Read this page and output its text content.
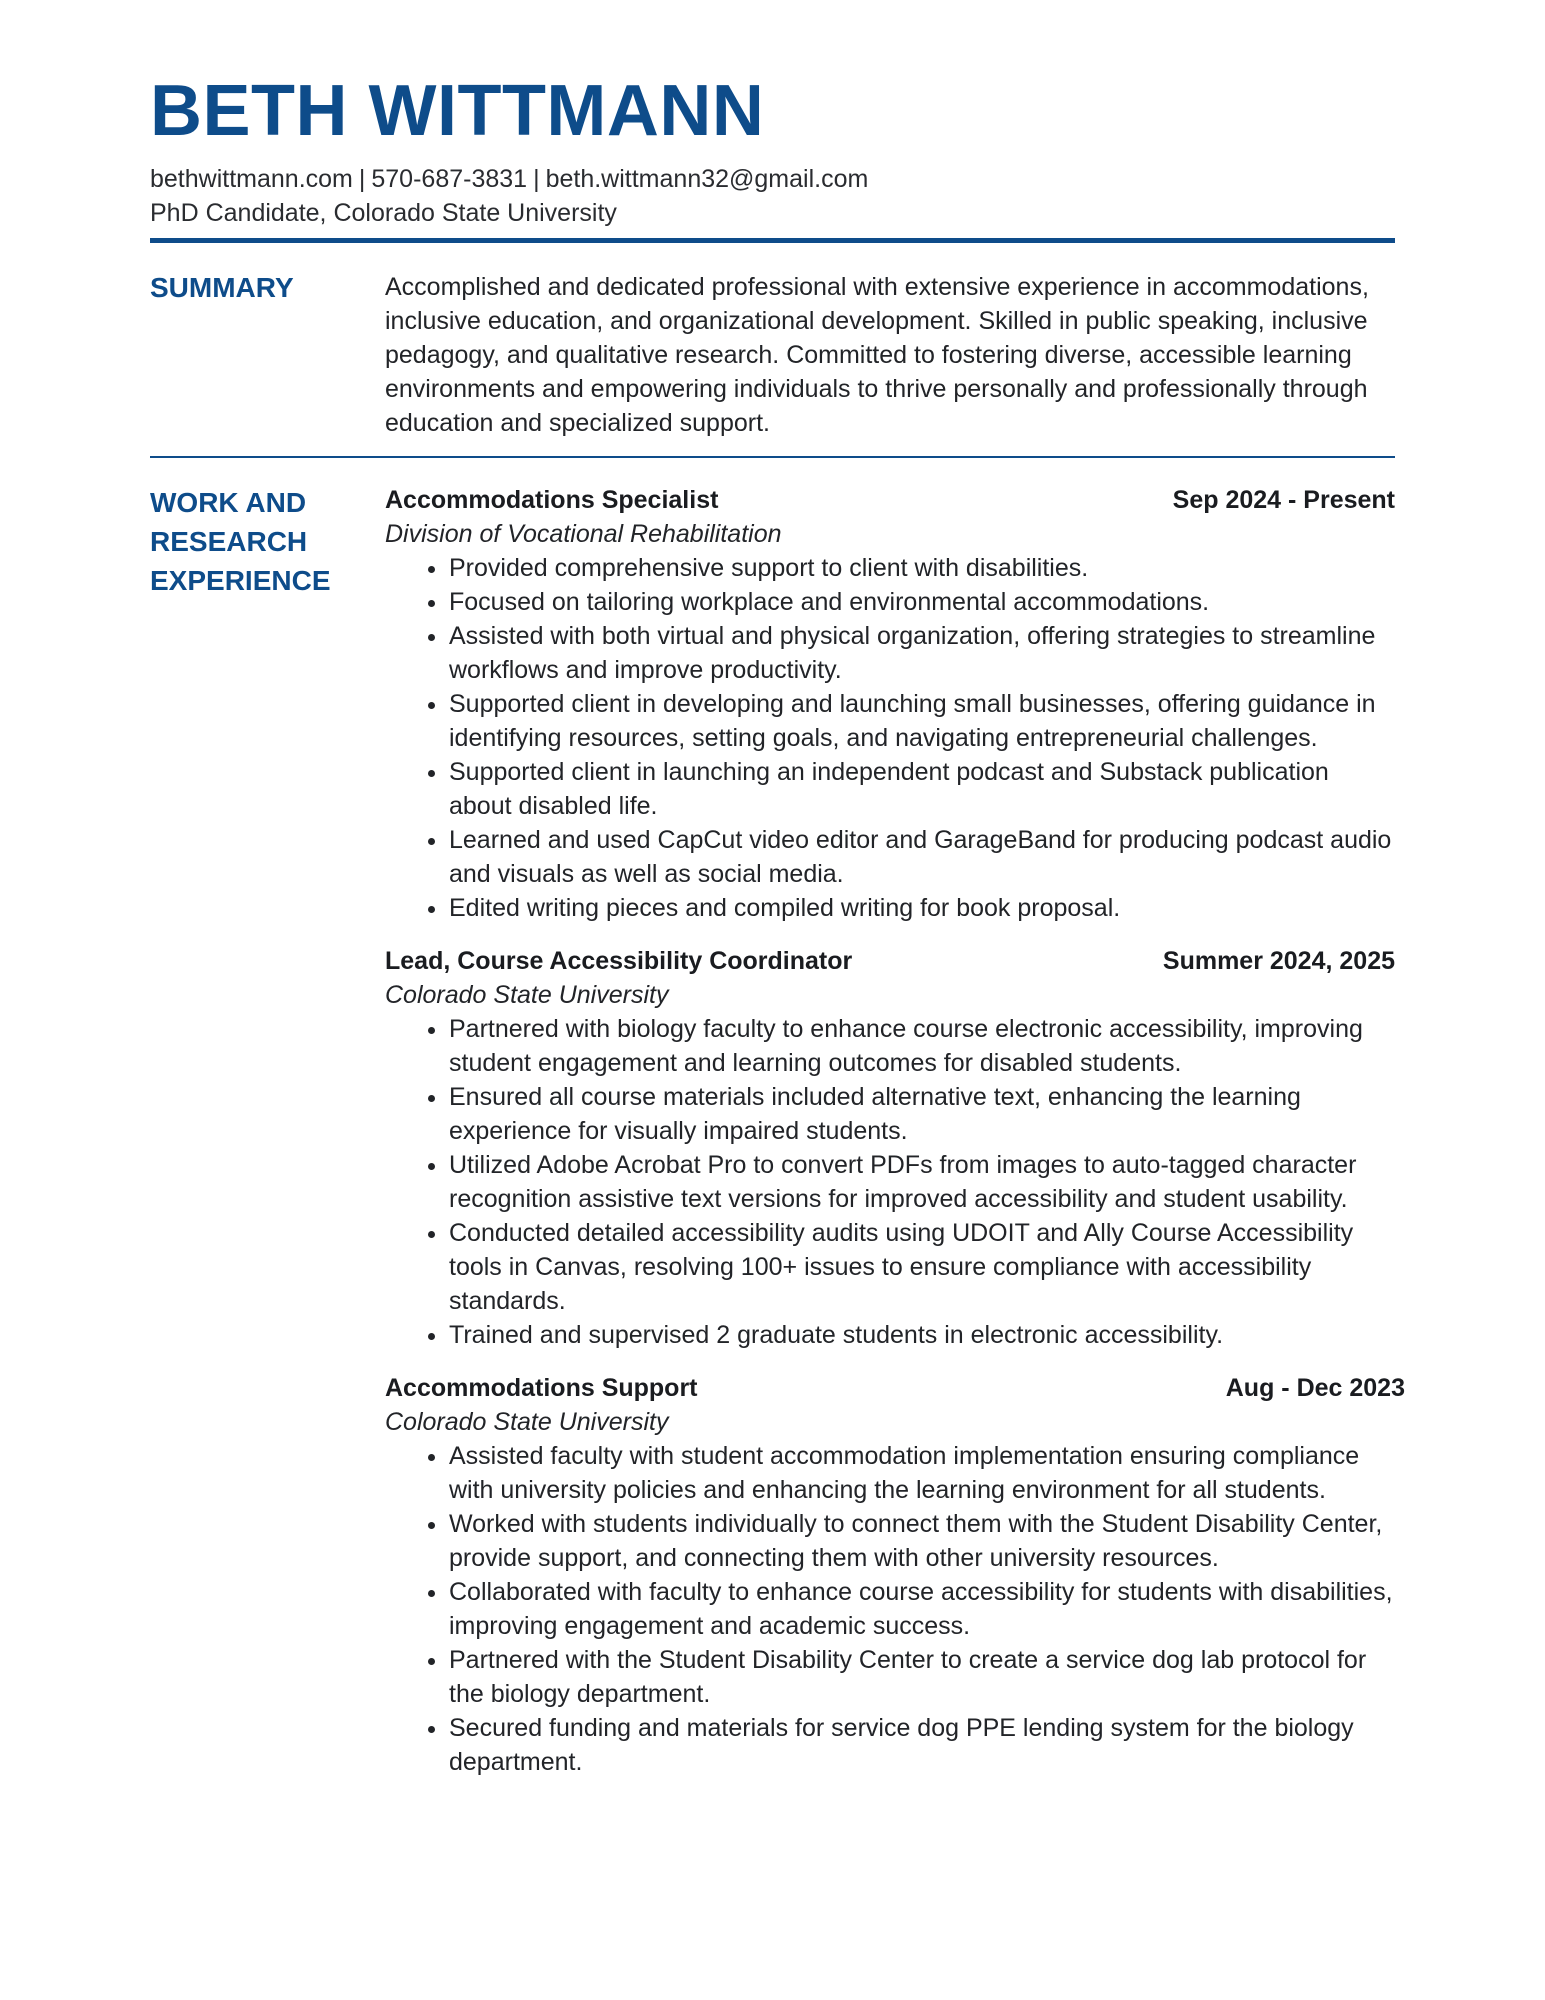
BETH WITTMANN
bethwittmann.com | 570-687-3831 | beth.wittmann32@gmail.com
PhD Candidate, Colorado State University
SUMMARY	Accomplished and dedicated professional with extensive experience in accommodations, inclusive education, and organizational development. Skilled in public speaking, inclusive pedagogy, and qualitative research. Committed to fostering diverse, accessible learning environments and empowering individuals to thrive personally and professionally through education and specialized support.

WORK AND
RESEARCH
EXPERIENCE
Accommodations Specialist	Sep 2024 - Present
Division of Vocational Rehabilitation
• Provided comprehensive support to client with disabilities.
• Focused on tailoring workplace and environmental accommodations.
• Assisted with both virtual and physical organization, offering strategies to streamline workflows and improve productivity.
• Supported client in developing and launching small businesses, offering guidance in identifying resources, setting goals, and navigating entrepreneurial challenges.
• Supported client in launching an independent podcast and Substack publication about disabled life.
• Learned and used CapCut video editor and GarageBand for producing podcast audio and visuals as well as social media.
• Edited writing pieces and compiled writing for book proposal.
Lead, Course Accessibility Coordinator	Summer 2024, 2025
Colorado State University
• Partnered with biology faculty to enhance course electronic accessibility, improving student engagement and learning outcomes for disabled students.
• Ensured all course materials included alternative text, enhancing the learning experience for visually impaired students.
• Utilized Adobe Acrobat Pro to convert PDFs from images to auto-tagged character recognition assistive text versions for improved accessibility and student usability.
• Conducted detailed accessibility audits using UDOIT and Ally Course Accessibility tools in Canvas, resolving 100+ issues to ensure compliance with accessibility standards.
• Trained and supervised 2 graduate students in electronic accessibility.
Accommodations Support	Aug - Dec 2023
Colorado State University
• Assisted faculty with student accommodation implementation ensuring compliance with university policies and enhancing the learning environment for all students.
• Worked with students individually to connect them with the Student Disability Center, provide support, and connecting them with other university resources.
• Collaborated with faculty to enhance course accessibility for students with disabilities, improving engagement and academic success.
• Partnered with the Student Disability Center to create a service dog lab protocol for the biology department.
• Secured funding and materials for service dog PPE lending system for the biology department.
